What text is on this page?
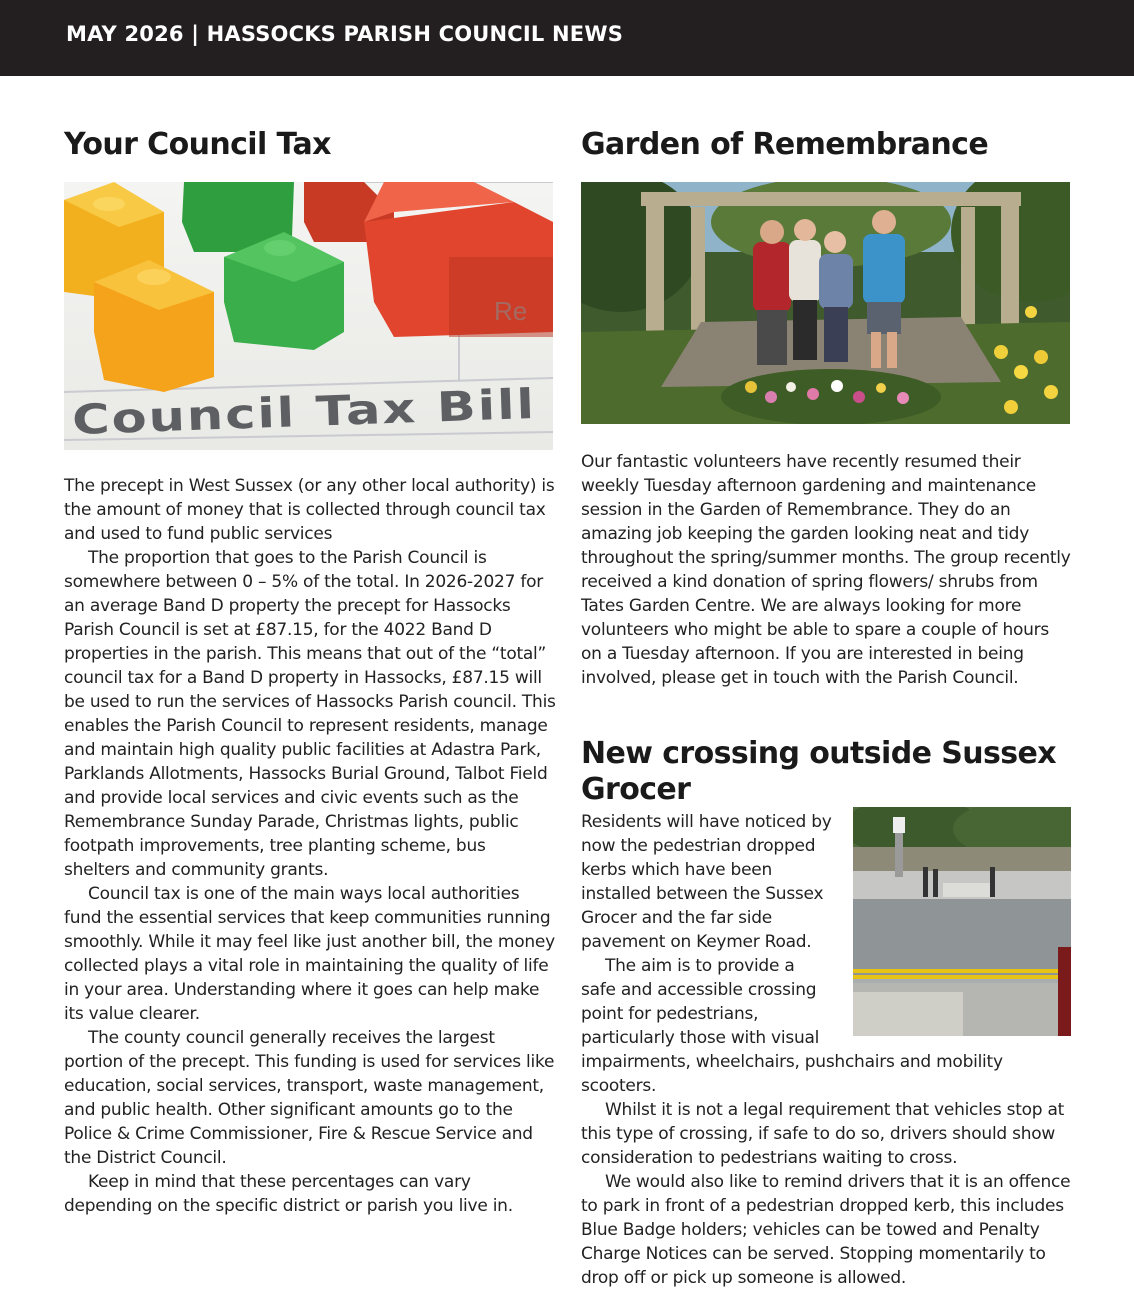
MAY 2026 | HASSOCKS PARISH COUNCIL NEWS
Your Council Tax
Re
Council Tax Bill

The precept in West Sussex (or any other local authority) is the amount of money that is collected through council tax and used to fund public services

The proportion that goes to the Parish Council is somewhere between 0 – 5% of the total. In 2026-2027 for an average Band D property the precept for Hassocks Parish Council is set at £87.15, for the 4022 Band D properties in the parish. This means that out of the “total” council tax for a Band D property in Hassocks, £87.15 will be used to run the services of Hassocks Parish council. This enables the Parish Council to represent residents, manage and maintain high quality public facilities at Adastra Park, Parklands Allotments, Hassocks Burial Ground, Talbot Field and provide local services and civic events such as the Remembrance Sunday Parade, Christmas lights, public footpath improvements, tree planting scheme, bus shelters and community grants.

Council tax is one of the main ways local authorities fund the essential services that keep communities running smoothly. While it may feel like just another bill, the money collected plays a vital role in maintaining the quality of life in your area. Understanding where it goes can help make its value clearer.

The county council generally receives the largest portion of the precept. This funding is used for services like education, social services, transport, waste management, and public health. Other significant amounts go to the Police & Crime Commissioner, Fire & Rescue Service and the District Council.

Keep in mind that these percentages can vary depending on the specific district or parish you live in.

Garden of Remembrance

Our fantastic volunteers have recently resumed their weekly Tuesday afternoon gardening and maintenance session in the Garden of Remembrance. They do an amazing job keeping the garden looking neat and tidy throughout the spring/summer months. The group recently received a kind donation of spring flowers/ shrubs from Tates Garden Centre. We are always looking for more volunteers who might be able to spare a couple of hours on a Tuesday afternoon. If you are interested in being involved, please get in touch with the Parish Council.

New crossing outside Sussex
Grocer
Residents will have noticed by
now the pedestrian dropped
kerbs which have been
installed between the Sussex
Grocer and the far side
pavement on Keymer Road.
The aim is to provide a
safe and accessible crossing
point for pedestrians,
particularly those with visual

impairments, wheelchairs, pushchairs and mobility scooters.

Whilst it is not a legal requirement that vehicles stop at this type of crossing, if safe to do so, drivers should show consideration to pedestrians waiting to cross.

We would also like to remind drivers that it is an offence to park in front of a pedestrian dropped kerb, this includes Blue Badge holders; vehicles can be towed and Penalty Charge Notices can be served. Stopping momentarily to drop off or pick up someone is allowed.
